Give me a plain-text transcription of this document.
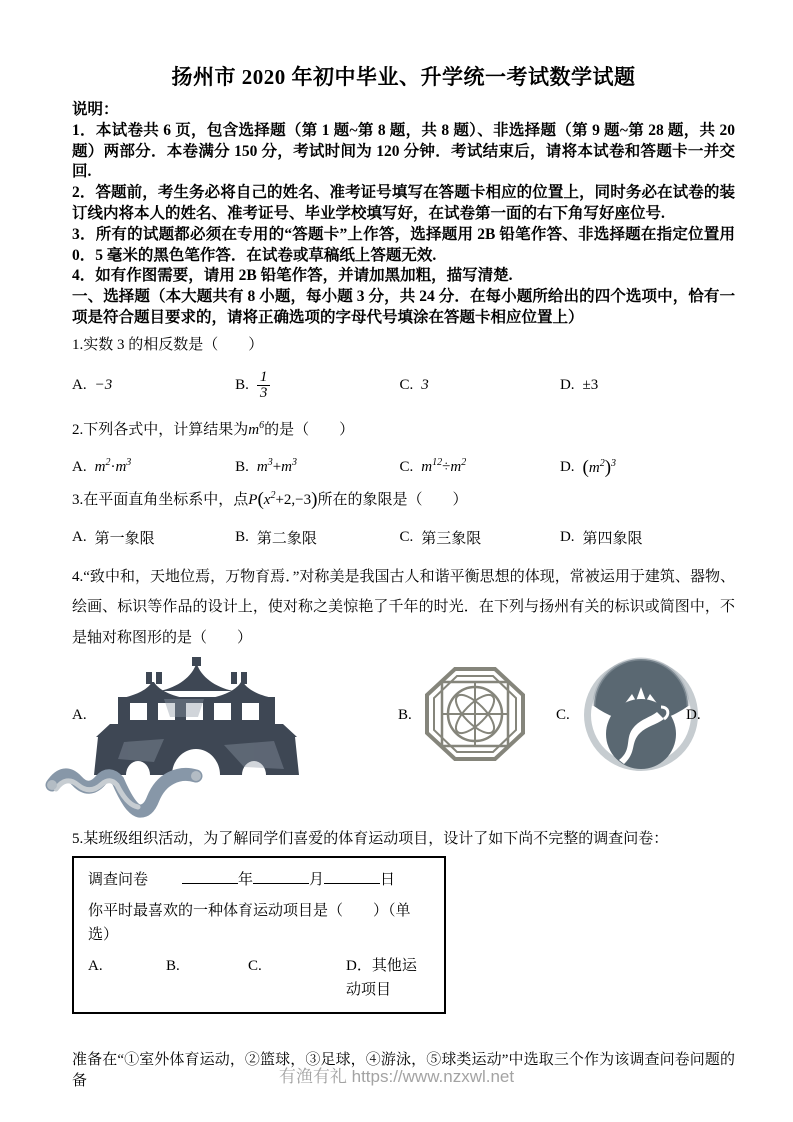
扬州市 2020 年初中毕业、升学统一考试数学试题

说明：

1．本试卷共 6 页，包含选择题（第 1 题~第 8 题，共 8 题）、非选择题（第 9 题~第 28 题，共 20 题）两部分．本卷满分 150 分，考试时间为 120 分钟．考试结束后，请将本试卷和答题卡一并交回.

2．答题前，考生务必将自己的姓名、准考证号填写在答题卡相应的位置上，同时务必在试卷的装订线内将本人的姓名、准考证号、毕业学校填写好，在试卷第一面的右下角写好座位号.

3．所有的试题都必须在专用的“答题卡”上作答，选择题用 2B 铅笔作答、非选择题在指定位置用 0．5 毫米的黑色笔作答．在试卷或草稿纸上答题无效.

4．如有作图需要，请用 2B 铅笔作答，并请加黑加粗，描写清楚.

一、选择题（本大题共有 8 小题，每小题 3 分，共 24 分．在每小题所给出的四个选项中，恰有一项是符合题目要求的，请将正确选项的字母代号填涂在答题卡相应位置上）

1.实数 3 的相反数是（　　）

A. −3	B. $\frac{1}{3}$	C. 3	D. ±3

2.下列各式中，计算结果为$m^6$的是（　　）

A. $m^2\cdot m^3$	B. $m^3+m^3$	C. $m^{12}\div m^2$	D. $(m^2)^3$

3.在平面直角坐标系中，点$P(x^2+2,-3)$所在的象限是（　　）

A. 第一象限	B. 第二象限	C. 第三象限	D. 第四象限

4.“致中和，天地位焉，万物育焉．”对称美是我国古人和谐平衡思想的体现，常被运用于建筑、器物、绘画、标识等作品的设计上，使对称之美惊艳了千年的时光．在下列与扬州有关的标识或简图中，不是轴对称图形的是（　　）

A.	B.	C.	D.

5.某班级组织活动，为了解同学们喜爱的体育运动项目，设计了如下尚不完整的调查问卷：

调查问卷	年	月	日
你平时最喜欢的一种体育运动项目是（　　）（单选）
A.	B.	C.	D．其他运动项目

准备在“①室外体育运动，②篮球，③足球，④游泳，⑤球类运动”中选取三个作为该调查问卷问题的备	有渔有礼 https://www.nzxwl.net
